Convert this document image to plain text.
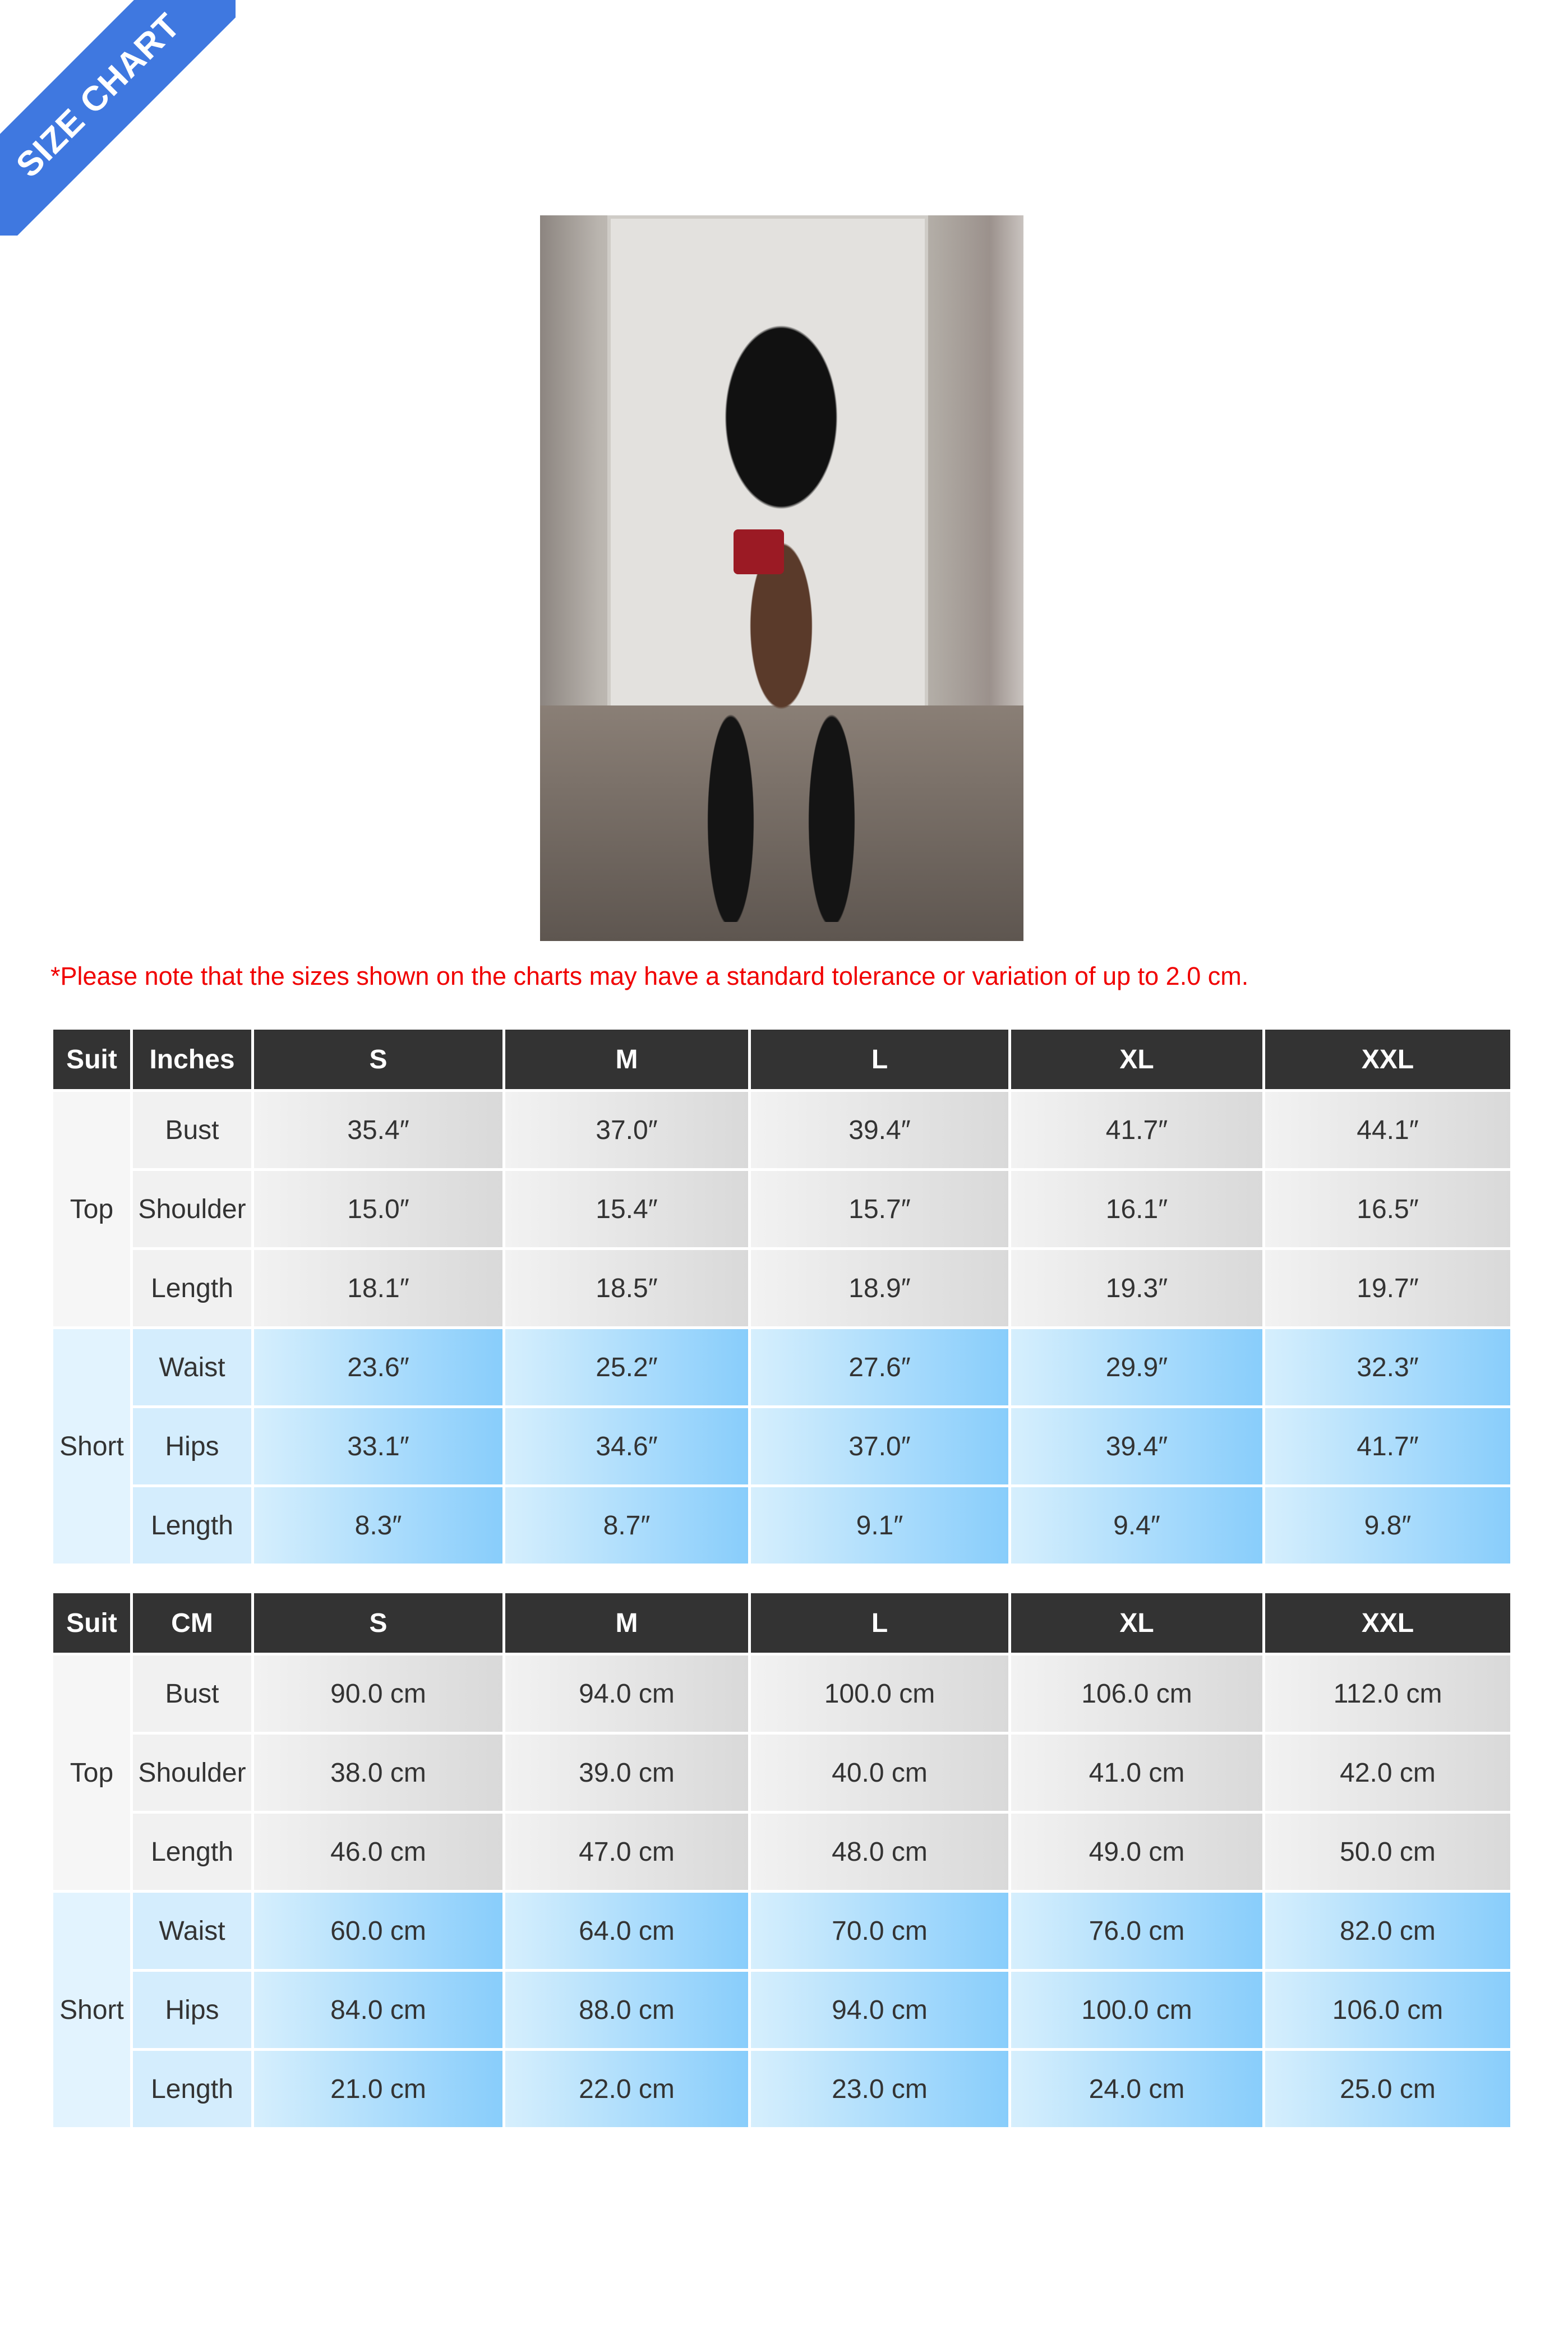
SIZE CHART
*Please note that the sizes shown on the charts may have a standard tolerance or variation of up to 2.0 cm.
Suit	Inches	S	M	L	XL	XXL
Top	Bust	35.4″	37.0″	39.4″	41.7″	44.1″
	Shoulder	15.0″	15.4″	15.7″	16.1″	16.5″
	Length	18.1″	18.5″	18.9″	19.3″	19.7″
Short	Waist	23.6″	25.2″	27.6″	29.9″	32.3″
	Hips	33.1″	34.6″	37.0″	39.4″	41.7″
	Length	8.3″	8.7″	9.1″	9.4″	9.8″
Suit	CM	S	M	L	XL	XXL
Top	Bust	90.0 cm	94.0 cm	100.0 cm	106.0 cm	112.0 cm
	Shoulder	38.0 cm	39.0 cm	40.0 cm	41.0 cm	42.0 cm
	Length	46.0 cm	47.0 cm	48.0 cm	49.0 cm	50.0 cm
Short	Waist	60.0 cm	64.0 cm	70.0 cm	76.0 cm	82.0 cm
	Hips	84.0 cm	88.0 cm	94.0 cm	100.0 cm	106.0 cm
	Length	21.0 cm	22.0 cm	23.0 cm	24.0 cm	25.0 cm
